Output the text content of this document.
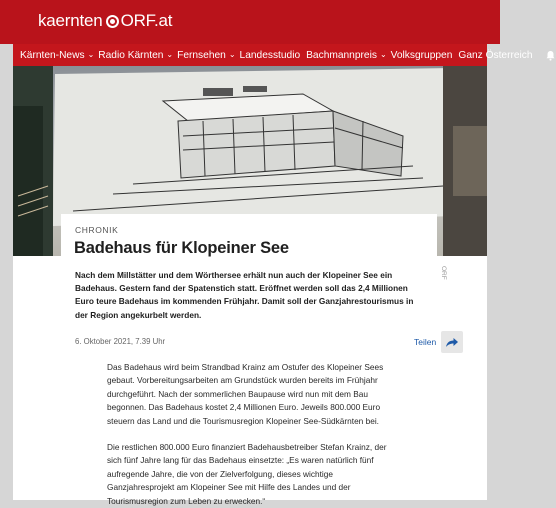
kaernten ORF.at
Kärnten-News ⌄ Radio Kärnten ⌄ Fernsehen ⌄ Landesstudio Bachmannpreis ⌄ Volksgruppen Ganz Österreich
CHRONIK
Badehaus für Klopeiner See

Nach dem Millstätter und dem Wörthersee erhält nun auch der Klopeiner See ein Badehaus. Gestern fand der Spatenstich statt. Eröffnet werden soll das 2,4 Millionen Euro teure Badehaus im kommenden Frühjahr. Damit soll der Ganzjahrestourismus in der Region angekurbelt werden.

ORF
6. Oktober 2021, 7.39 Uhr	Teilen

Das Badehaus wird beim Strandbad Krainz am Ostufer des Klopeiner Sees gebaut. Vorbereitungsarbeiten am Grundstück wurden bereits im Frühjahr durchgeführt. Nach der sommerlichen Baupause wird nun mit dem Bau begonnen. Das Badehaus kostet 2,4 Millionen Euro. Jeweils 800.000 Euro steuern das Land und die Tourismusregion Klopeiner See-Südkärnten bei.

Die restlichen 800.000 Euro finanziert Badehausbetreiber Stefan Krainz, der sich fünf Jahre lang für das Badehaus einsetzte: „Es waren natürlich fünf aufregende Jahre, die von der Zielverfolgung, dieses wichtige Ganzjahresprojekt am Klopeiner See mit Hilfe des Landes und der Tourismusregion zum Leben zu erwecken.“
